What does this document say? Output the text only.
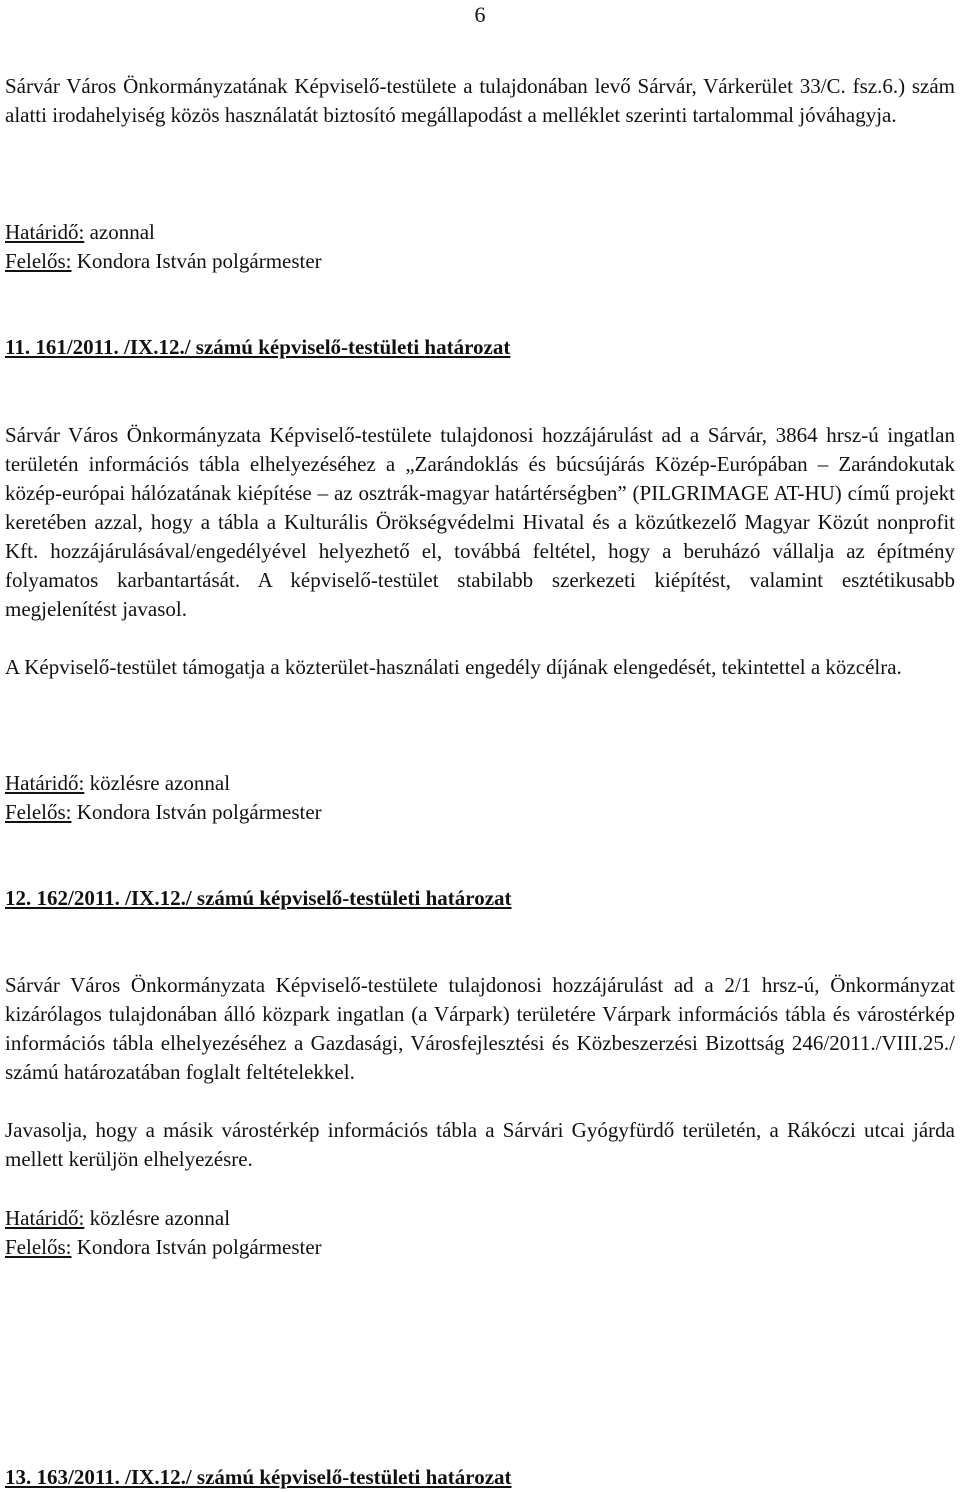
6

Sárvár Város Önkormányzatának Képviselő-testülete a tulajdonában levő Sárvár, Várkerület 33/C. fsz.6.) szám alatti irodahelyiség közös használatát biztosító megállapodást a melléklet szerinti tartalommal jóváhagyja.

Határidő: azonnal

Felelős: Kondora István polgármester

11. 161/2011. /IX.12./ számú képviselő-testületi határozat

Sárvár Város Önkormányzata Képviselő-testülete tulajdonosi hozzájárulást ad a Sárvár, 3864 hrsz-ú ingatlan területén információs tábla elhelyezéséhez a „Zarándoklás és búcsújárás Közép-Európában – Zarándokutak közép-európai hálózatának kiépítése – az osztrák-magyar határtérségben” (PILGRIMAGE AT-HU) című projekt keretében azzal, hogy a tábla a Kulturális Örökségvédelmi Hivatal és a közútkezelő Magyar Közút nonprofit Kft. hozzájárulásával/engedélyével helyezhető el, továbbá feltétel, hogy a beruházó vállalja az építmény folyamatos karbantartását. A képviselő-testület stabilabb szerkezeti kiépítést, valamint esztétikusabb megjelenítést javasol.

A Képviselő-testület támogatja a közterület-használati engedély díjának elengedését, tekintettel a közcélra.

Határidő: közlésre azonnal

Felelős: Kondora István polgármester

12. 162/2011. /IX.12./ számú képviselő-testületi határozat

Sárvár Város Önkormányzata Képviselő-testülete tulajdonosi hozzájárulást ad a 2/1 hrsz-ú, Önkormányzat kizárólagos tulajdonában álló közpark ingatlan (a Várpark) területére Várpark információs tábla és várostérkép információs tábla elhelyezéséhez a Gazdasági, Városfejlesztési és Közbeszerzési Bizottság 246/2011./VIII.25./ számú határozatában foglalt feltételekkel.

Javasolja, hogy a másik várostérkép információs tábla a Sárvári Gyógyfürdő területén, a Rákóczi utcai járda mellett kerüljön elhelyezésre.

Határidő: közlésre azonnal

Felelős: Kondora István polgármester

13. 163/2011. /IX.12./ számú képviselő-testületi határozat
